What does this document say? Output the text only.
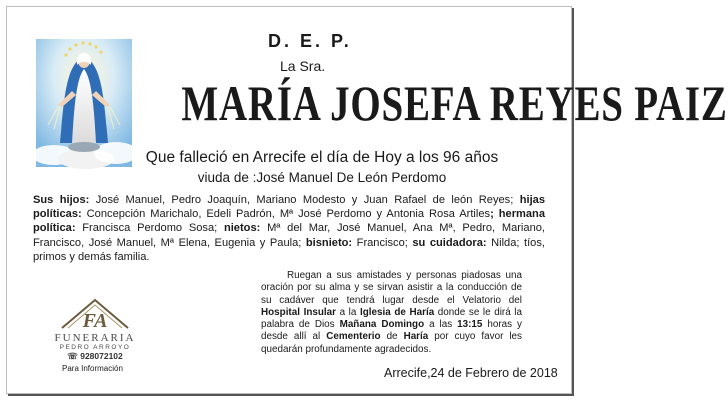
D. E. P.
La Sra.
MARÍA JOSEFA REYES PAIZ
Que falleció en Arrecife el día de Hoy a los 96 años
viuda de :José Manuel De León Perdomo
Sus hijos: José Manuel, Pedro Joaquín, Mariano Modesto y Juan Rafael de león Reyes; hijas políticas: Concepción Marichalo, Edeli Padrón, Mª José Perdomo y Antonia Rosa Artiles; hermana política: Francisca Perdomo Sosa; nietos: Mª del Mar, José Manuel, Ana Mª, Pedro, Mariano, Francisco, José Manuel, Mª Elena, Eugenia y Paula; bisnieto: Francisco; su cuidadora: Nilda; tíos, primos y demás familia.
Ruegan a sus amistades y personas piadosas una oración por su alma y se sirvan asistir a la conducción de su cadáver que tendrá lugar desde el Velatorio del Hospital Insular a la Iglesia de Haría donde se le dirá la palabra de Dios Mañana Domingo a las 13:15 horas y desde allí al Cementerio de Haría por cuyo favor les quedarán profundamente agradecidos.
FA
FUNERARIA
PEDRO ARROYO
☏ 928072102
Para Información	Arrecife,24 de Febrero de 2018
